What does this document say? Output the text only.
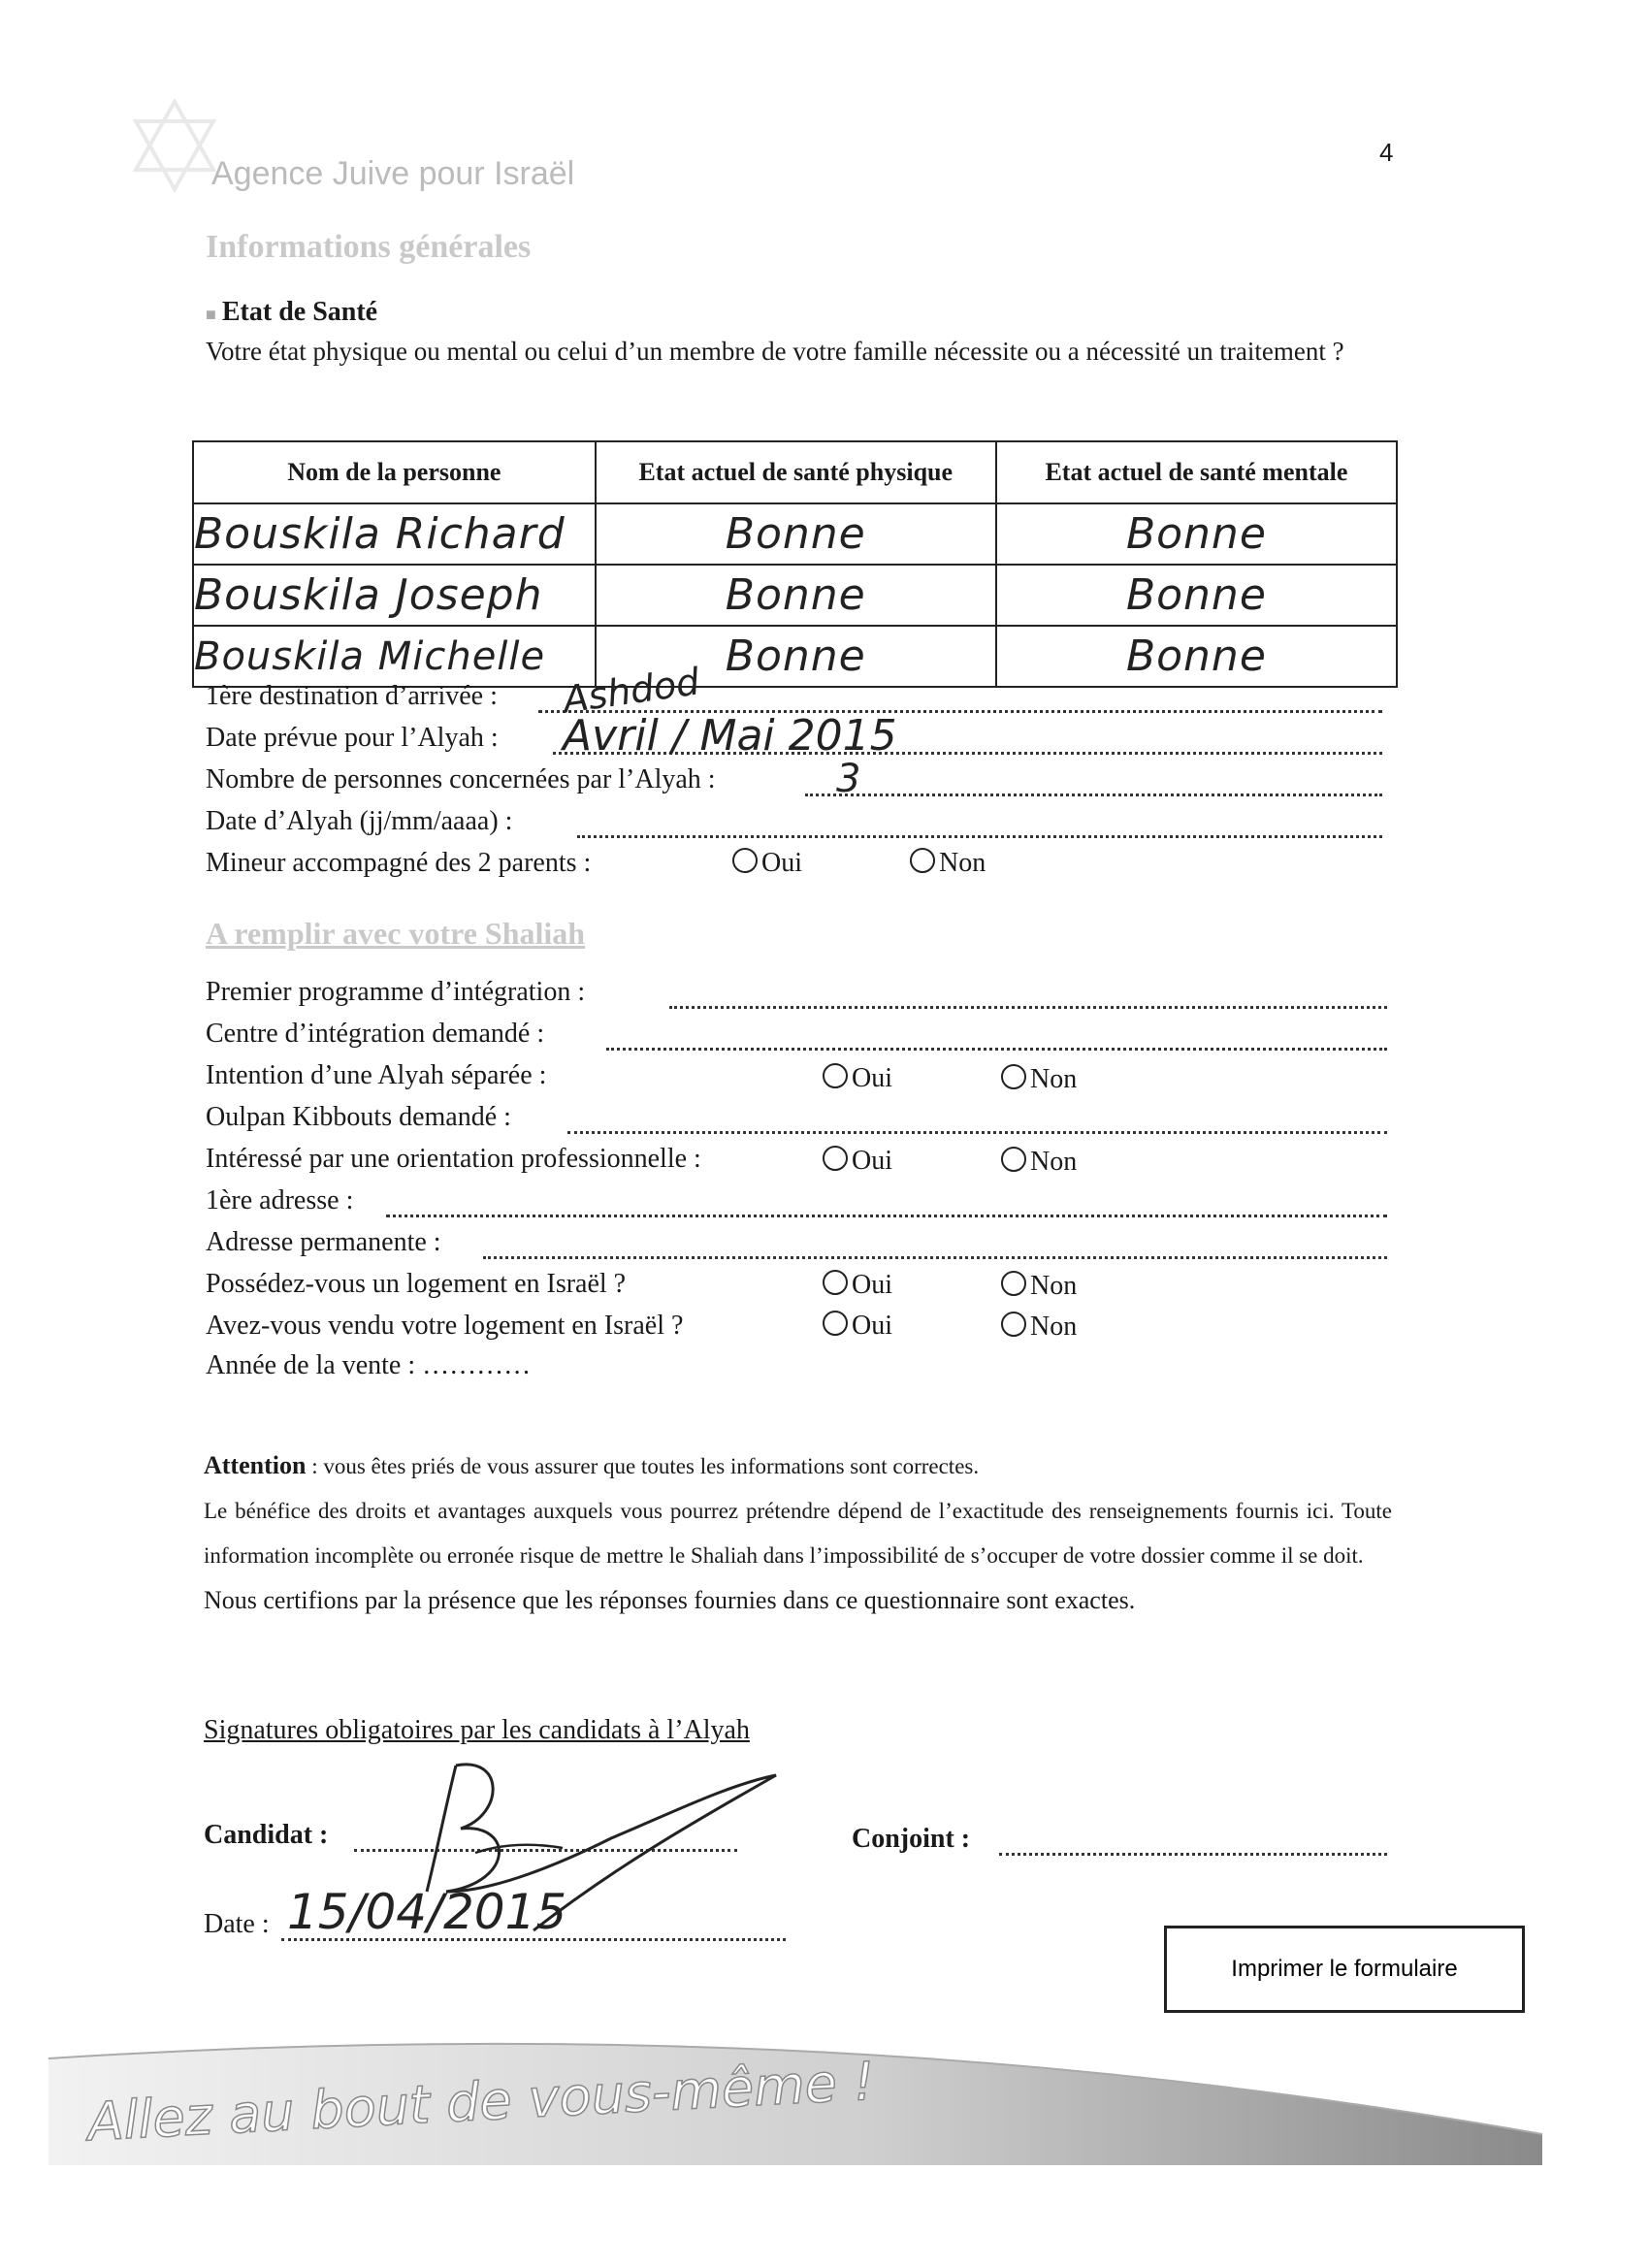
4
Agence Juive pour Israël
Informations générales
■ Etat de Santé
Votre état physique ou mental ou celui d’un membre de votre famille nécessite ou a nécessité un traitement ?
Nom de la personne	Etat actuel de santé physique	Etat actuel de santé mentale

Bouskila Richard	Bonne	Bonne

Bouskila Joseph	Bonne	Bonne

Bouskila Michelle	Bonne	Bonne
1ère destination d’arrivée : Ashdod
Date prévue pour l’Alyah : Avril / Mai 2015
Nombre de personnes concernées par l’Alyah :	3
Date d’Alyah (jj/mm/aaaa) :
Mineur accompagné des 2 parents :	Oui	Non
A remplir avec votre Shaliah
Premier programme d’intégration :
Centre d’intégration demandé :
Intention d’une Alyah séparée :	Oui	Non
Oulpan Kibbouts demandé :
Intéressé par une orientation professionnelle :	Oui	Non
1ère adresse :
Adresse permanente :
Possédez-vous un logement en Israël ?	Oui	Non
Avez-vous vendu votre logement en Israël ?	Oui	Non
Année de la vente : …………

Attention : vous êtes priés de vous assurer que toutes les informations sont correctes.

Le bénéfice des droits et avantages auxquels vous pourrez prétendre dépend de l’exactitude des renseignements fournis ici. Toute information incomplète ou erronée risque de mettre le Shaliah dans l’impossibilité de s’occuper de votre dossier comme il se doit.

Nous certifions par la présence que les réponses fournies dans ce questionnaire sont exactes.

Signatures obligatoires par les candidats à l’Alyah
Candidat :	Conjoint :
Date : 15/04/2015
Imprimer le formulaire
Allez au bout de vous-même !
